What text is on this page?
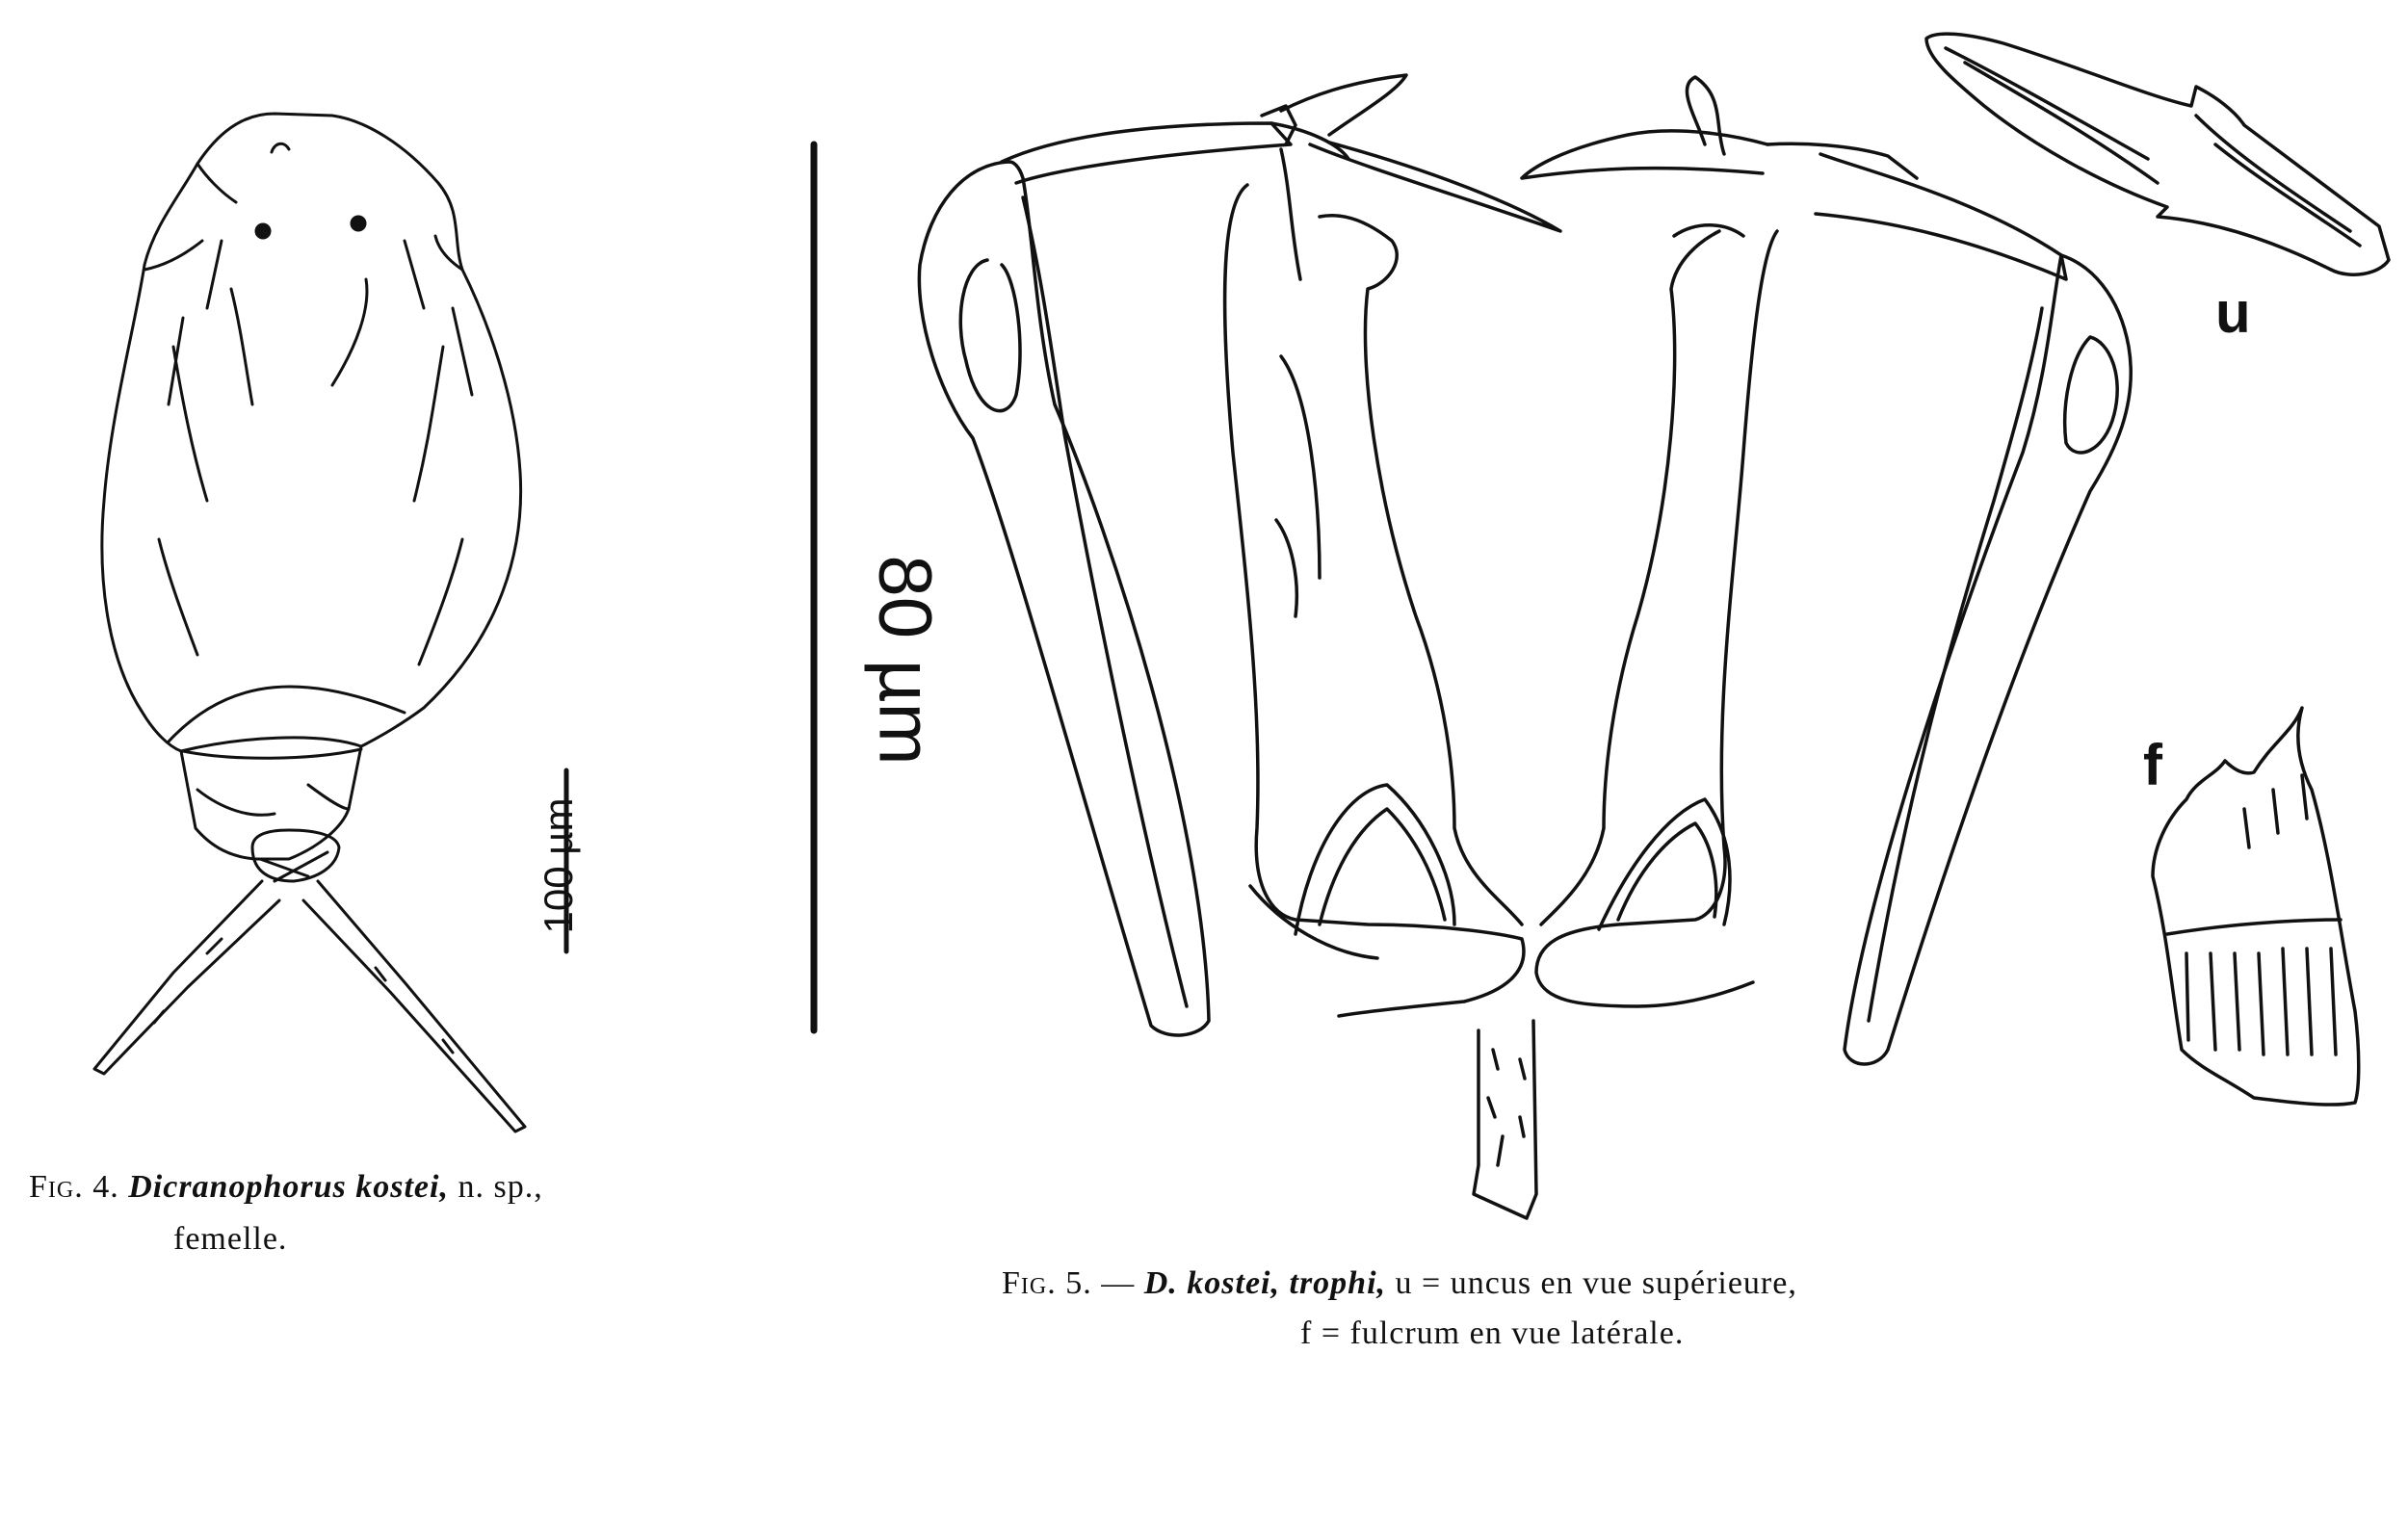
100 µm
80 µm
u
f
Fig. 4. Dicranophorus kostei, n. sp.,
femelle.
Fig. 5. — D. kostei, trophi, u = uncus en vue supérieure,
f = fulcrum en vue latérale.
